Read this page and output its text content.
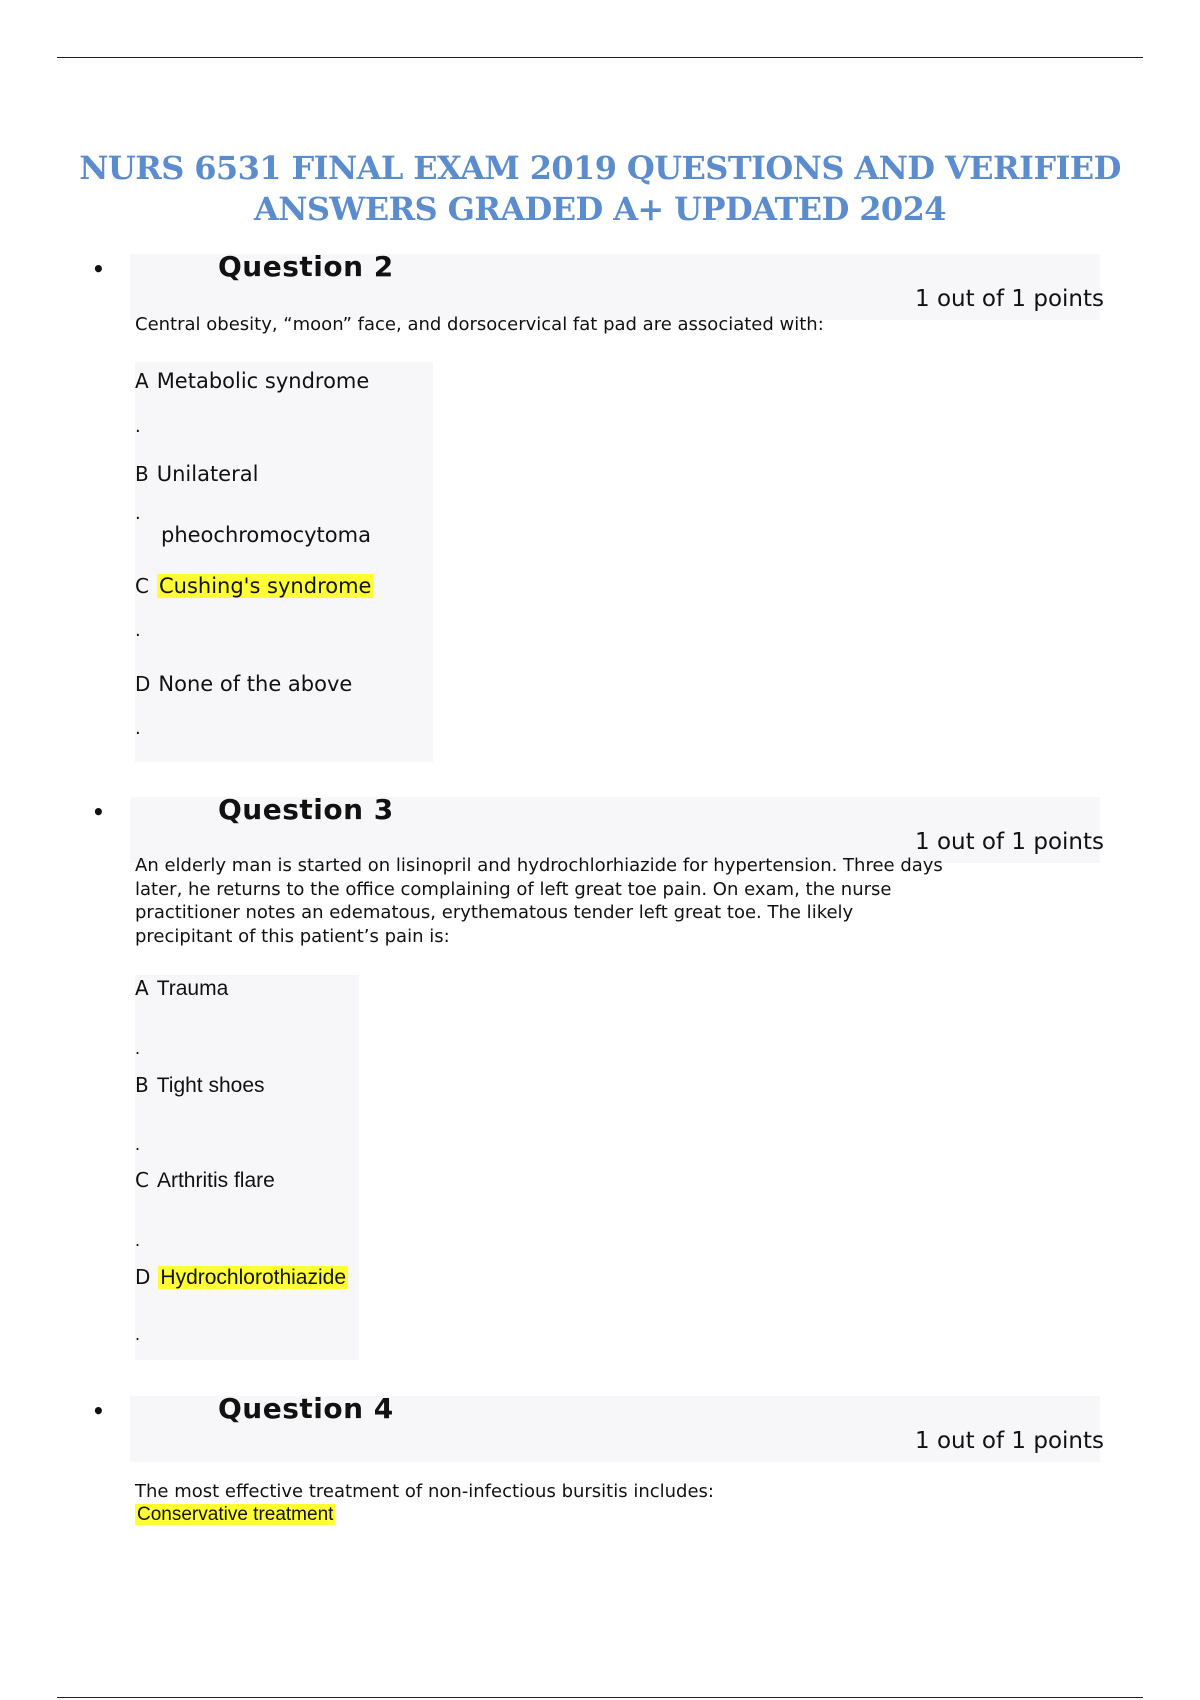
NURS 6531 FINAL EXAM 2019 QUESTIONS AND VERIFIED
ANSWERS GRADED A+ UPDATED 2024
•	Question 2
1 out of 1 points
Central obesity, “moon” face, and dorsocervical fat pad are associated with:
A Metabolic syndrome
.
B Unilateral
·
pheochromocytoma
C Cushing's syndrome
.
D None of the above
.
•	Question 3
1 out of 1 points
An elderly man is started on lisinopril and hydrochlorhiazide for hypertension. Three days
later, he returns to the office complaining of left great toe pain. On exam, the nurse
practitioner notes an edematous, erythematous tender left great toe. The likely
precipitant of this patient’s pain is:
A Trauma
.
B Tight shoes
.
C Arthritis flare
.
D Hydrochlorothiazide
.
•	Question 4
1 out of 1 points

The most effective treatment of non-infectious bursitis includes:
Conservative treatment
